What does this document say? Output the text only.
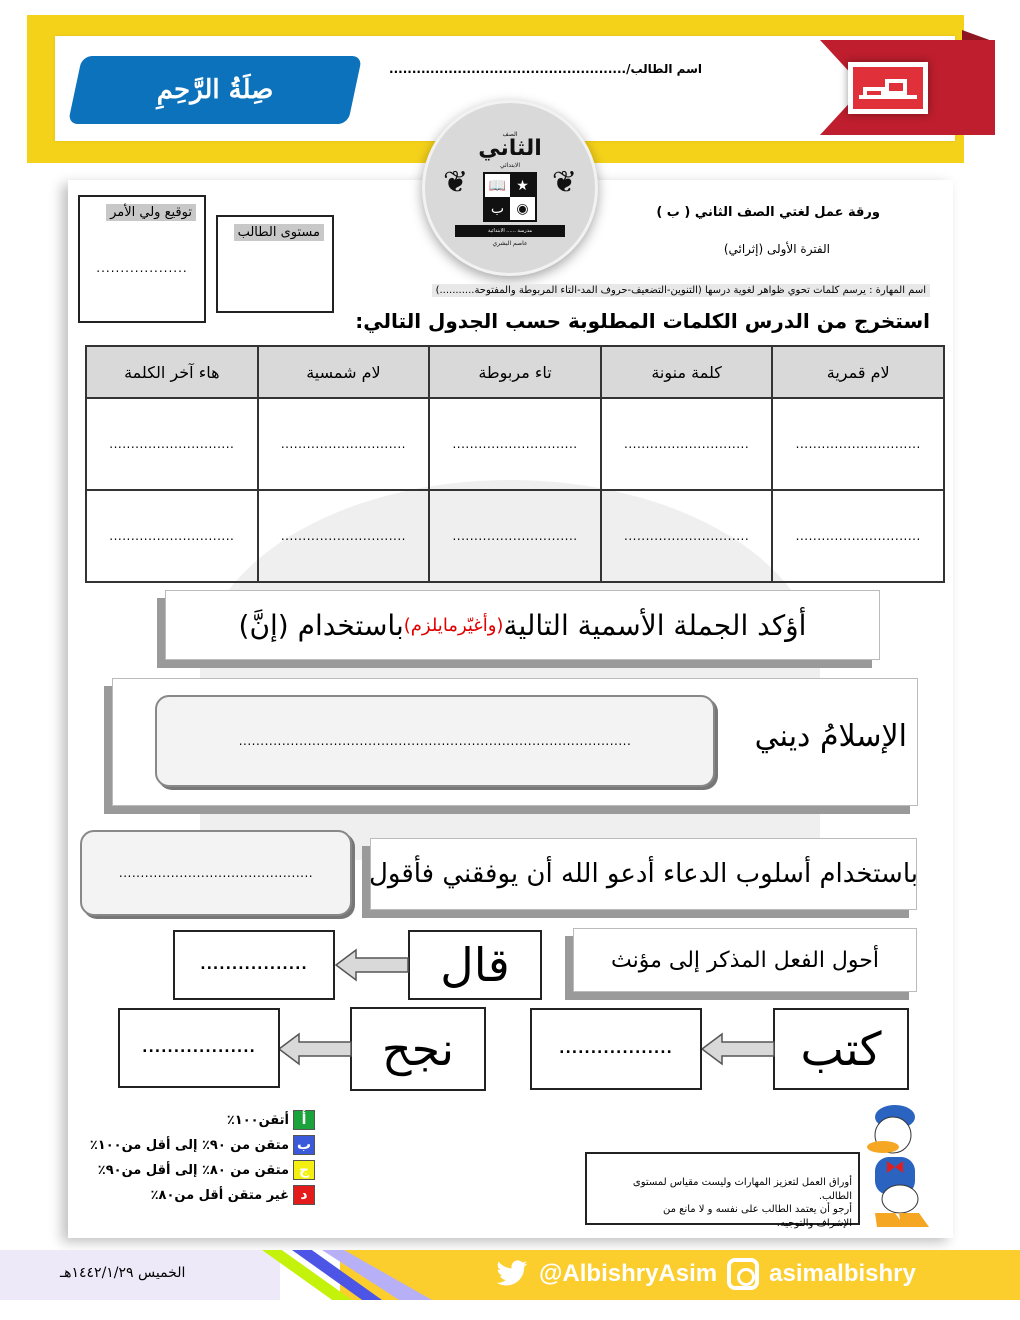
صِلَةُ الرَّحِمِ
اسم الطالب/....................................................
❦	❦
الصف
الثاني
الابتدائي
★
📖
◉
ب
مدرسة ...... الابتدائية
عاصم البشري
توقيع ولي الأمر
...................
مستوى الطالب
ورقة عمل لغتي الصف الثاني ( ب )
الفترة الأولى (إثرائي)
اسم المهارة : يرسم كلمات تحوي ظواهر لغوية درسها (التنوين-التضعيف-حروف المد-التاء المربوطة والمفتوحة...........)
استخرج من الدرس الكلمات المطلوبة حسب الجدول التالي:
لام قمرية	كلمة منونة	تاء مربوطة	لام شمسية	هاء آخر الكلمة
.............................	.............................	.............................	.............................	.............................
.............................	.............................	.............................	.............................	.............................
أؤكد الجملة الأسمية التالية
(وأغيّرمايلزم)
باستخدام (إنَّ)
الإسلامُ ديني
...........................................................................................
.............................................	باستخدام أسلوب الدعاء أدعو الله أن يوفقني فأقول
أحول الفعل المذكر إلى مؤنث
قال
.................
كتب
..................
نجح
..................
أ
أتقن١٠٠٪
ب
متقن من ٩٠٪ إلى أقل من١٠٠٪
ج
متقن من ٨٠٪ إلى أقل من٩٠٪
د
غير متقن أقل من٨٠٪
أوراق العمل لتعزيز المهارات وليست مقياس لمستوى الطالب.
أرجو أن يعتمد الطالب على نفسه و لا مانع من الإشراف والتوجيه.
الخميس ١٤٤٢/١/٢٩هـ	@AlbishryAsim asimalbishry
